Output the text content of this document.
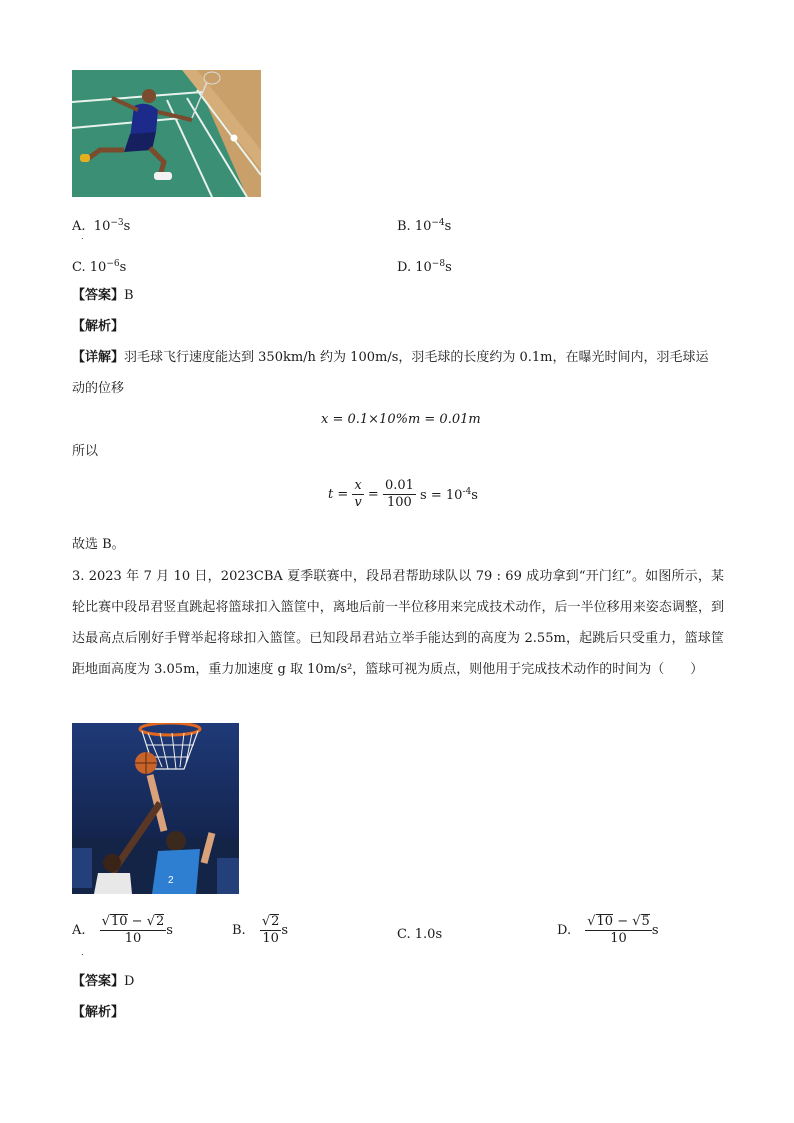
A. $10^{-3}s$
.
B. $10^{-4}s$
C. $10^{-6}s$	D. $10^{-8}s$
【答案】B
【解析】
【详解】羽毛球飞行速度能达到 350km/h 约为 100m/s，羽毛球的长度约为 0.1m，在曝光时间内，羽毛球运
动的位移
x = 0.1×10%m = 0.01m
所以
$t = \frac{x}{v} = \frac{0.01}{100}$ $s = 10^{-4}s$
故选 B。
3. 2023 年 7 月 10 日，2023CBA 夏季联赛中，段昂君帮助球队以 79 : 69 成功拿到“开门红”。如图所示，某轮比赛中段昂君竖直跳起将篮球扣入篮筐中，离地后前一半位移用来完成技术动作，后一半位移用来姿态调整，到达最高点后刚好手臂举起将球扣入篮筐。已知段昂君站立举手能达到的高度为 2.55m，起跳后只受重力，篮球筐距地面高度为 3.05m，重力加速度 g 取 10m/s²，篮球可视为质点，则他用于完成技术动作的时间为（　　）
2
A. $\frac{√10 - √2}{10}$ s
.
B. $\frac{√2}{10}$ s	C. 1.0s	D. $\frac{√10 - √5}{10}$ s
【答案】D
【解析】
